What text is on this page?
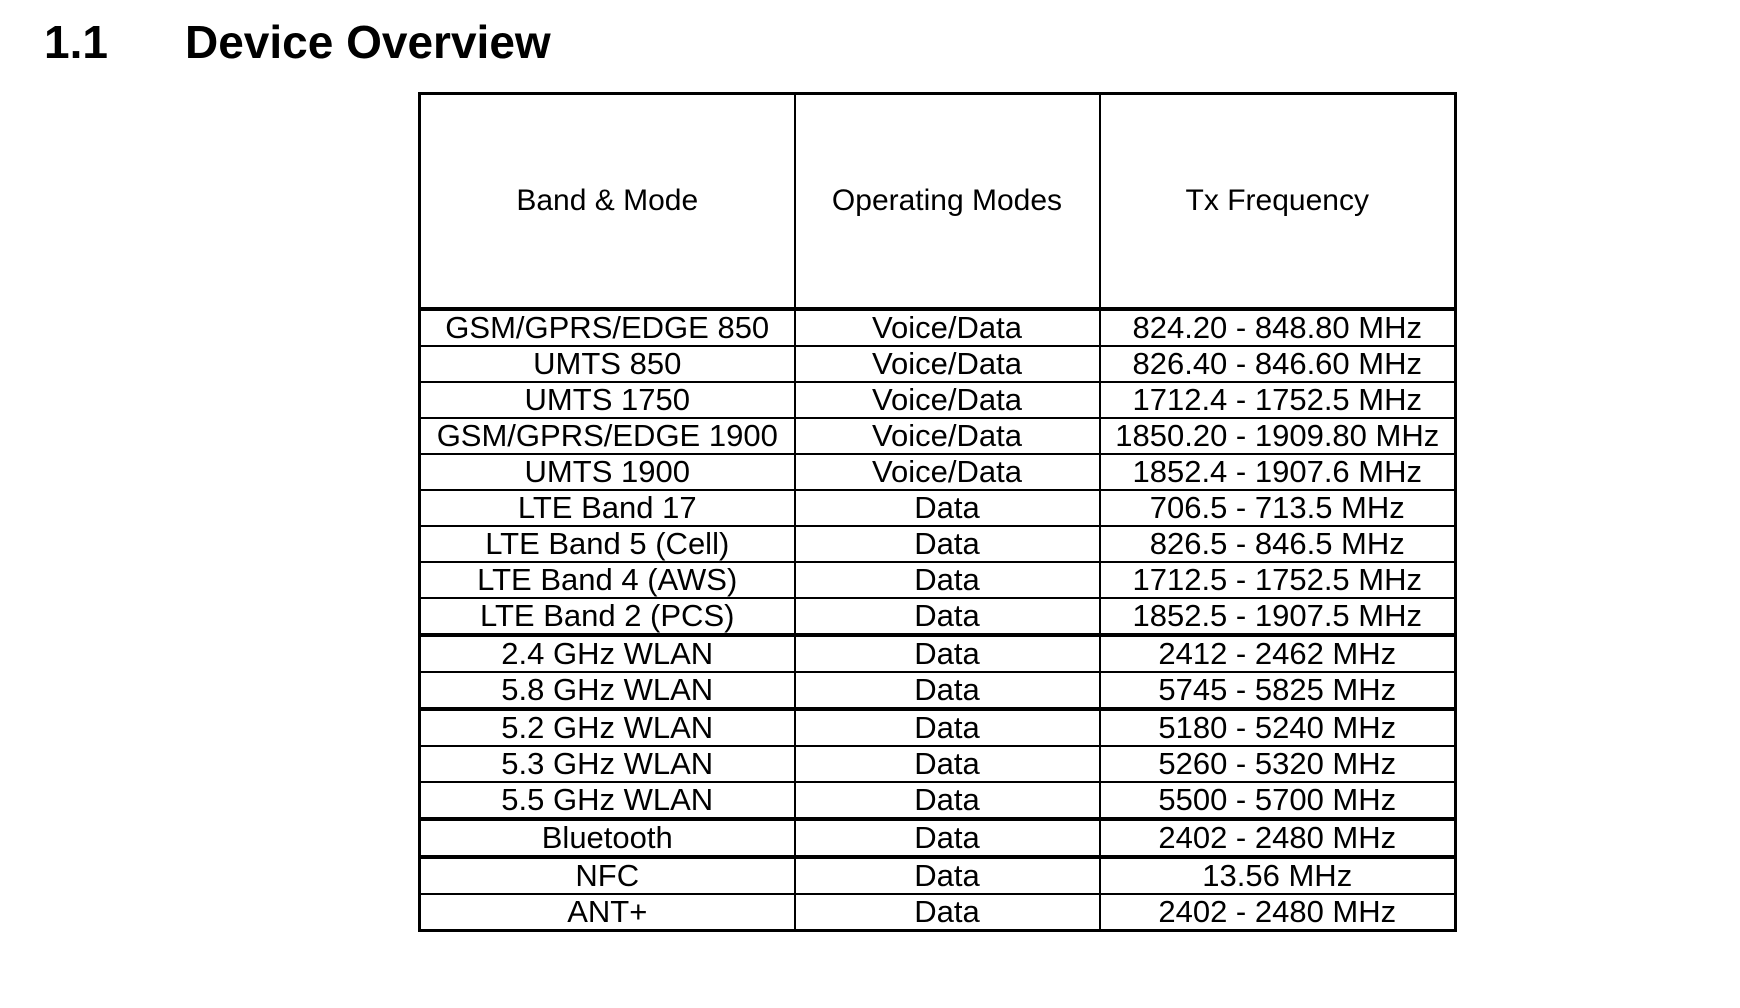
1.1	Device Overview
Band & Mode	Operating Modes	Tx Frequency
GSM/GPRS/EDGE 850	Voice/Data	824.20 - 848.80 MHz
UMTS 850	Voice/Data	826.40 - 846.60 MHz
UMTS 1750	Voice/Data	1712.4 - 1752.5 MHz
GSM/GPRS/EDGE 1900	Voice/Data	1850.20 - 1909.80 MHz
UMTS 1900	Voice/Data	1852.4 - 1907.6 MHz
LTE Band 17	Data	706.5 - 713.5 MHz
LTE Band 5 (Cell)	Data	826.5 - 846.5 MHz
LTE Band 4 (AWS)	Data	1712.5 - 1752.5 MHz
LTE Band 2 (PCS)	Data	1852.5 - 1907.5 MHz
2.4 GHz WLAN	Data	2412 - 2462 MHz
5.8 GHz WLAN	Data	5745 - 5825 MHz
5.2 GHz WLAN	Data	5180 - 5240 MHz
5.3 GHz WLAN	Data	5260 - 5320 MHz
5.5 GHz WLAN	Data	5500 - 5700 MHz
Bluetooth	Data	2402 - 2480 MHz
NFC	Data	13.56 MHz
ANT+	Data	2402 - 2480 MHz
